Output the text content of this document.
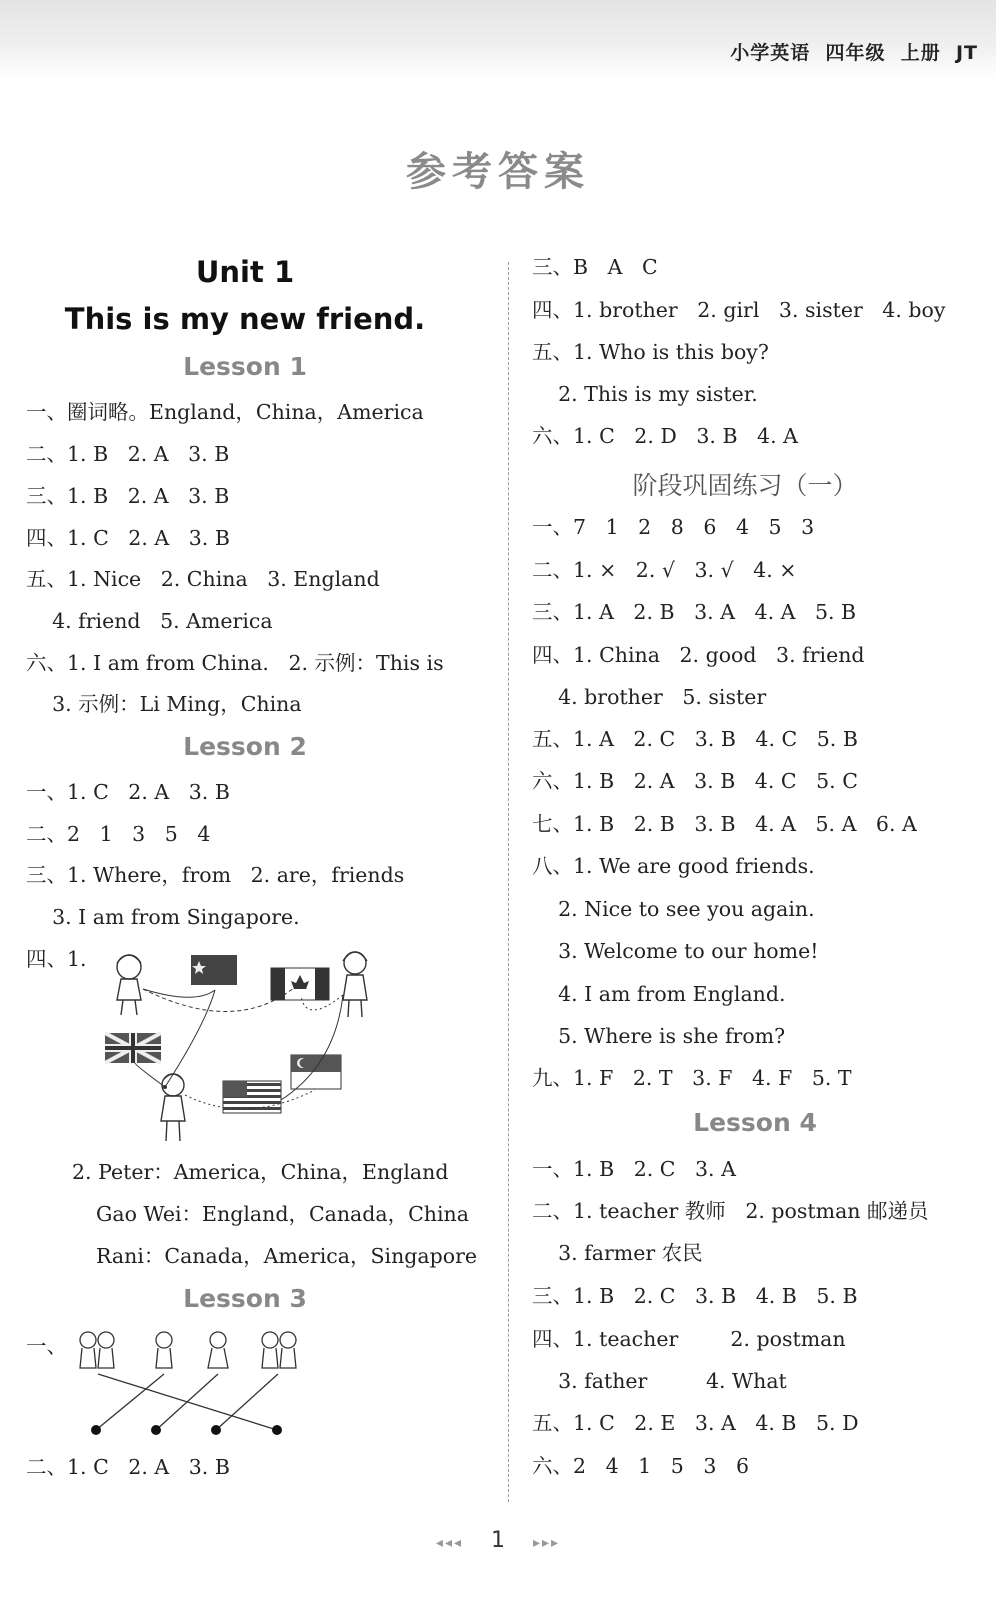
小学英语  四年级  上册  JT
参考答案
Unit 1
This is my new friend.
Lesson 1
一、圈词略。England，China，America
二、1. B   2. A   3. B
三、1. B   2. A   3. B
四、1. C   2. A   3. B
五、1. Nice   2. China   3. England
4. friend   5. America
六、1. I am from China.   2. 示例：This is
3. 示例：Li Ming，China
Lesson 2
一、1. C   2. A   3. B
二、2   1   3   5   4
三、1. Where，from   2. are，friends
3. I am from Singapore.
四、1.
2. Peter：America，China，England
Gao Wei：England，Canada，China
Rani：Canada，America，Singapore
Lesson 3
一、
二、1. C   2. A   3. B
三、B   A   C
四、1. brother   2. girl   3. sister   4. boy
五、1. Who is this boy?
2. This is my sister.
六、1. C   2. D   3. B   4. A
阶段巩固练习（一）
一、7   1   2   8   6   4   5   3
二、1. ×   2. √   3. √   4. ×
三、1. A   2. B   3. A   4. A   5. B
四、1. China   2. good   3. friend
4. brother   5. sister
五、1. A   2. C   3. B   4. C   5. B
六、1. B   2. A   3. B   4. C   5. C
七、1. B   2. B   3. B   4. A   5. A   6. A
八、1. We are good friends.
2. Nice to see you again.
3. Welcome to our home!
4. I am from England.
5. Where is she from?
九、1. F   2. T   3. F   4. F   5. T
Lesson 4
一、1. B   2. C   3. A
二、1. teacher 教师   2. postman 邮递员
3. farmer 农民
三、1. B   2. C   3. B   4. B   5. B
四、1. teacher        2. postman
3. father         4. What
五、1. C   2. E   3. A   4. B   5. D
六、2   4   1   5   3   6
◂◂◂ 1 ▸▸▸
